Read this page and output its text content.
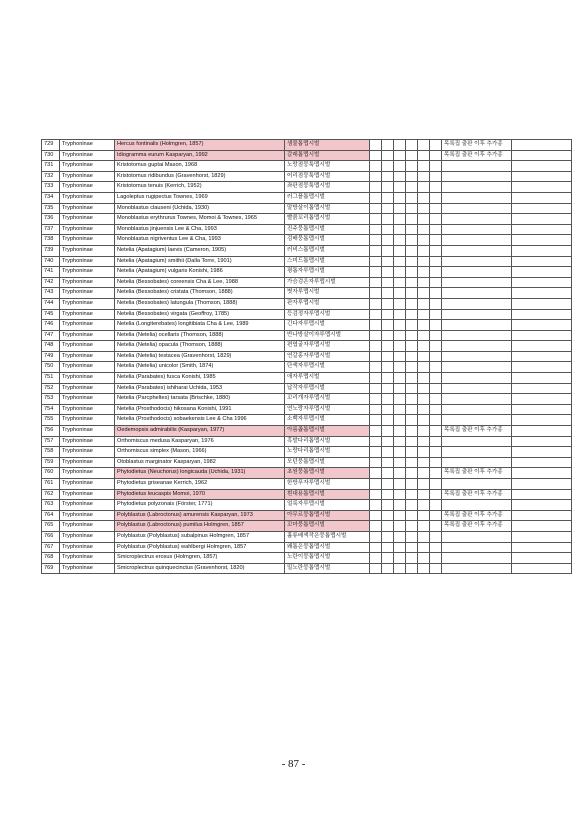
729	Tryphoninae	Hercus fontinalis (Holmgren, 1857)	샘물톱맵시벌							목록집 출판 이후 추가종	
730	Tryphoninae	Idiogramma eurum Kasparyan, 1992	갈래톱맵시벌							목록집 출판 이후 추가종	
731	Tryphoninae	Kristotomus guptai Mason, 1968	노랑점뭉툭맵시벌								
732	Tryphoninae	Kristotomus ridibundus (Gravenhorst, 1829)	어리점뭉툭맵시벌								
733	Tryphoninae	Kristotomus tenuis (Kerrich, 1952)	좌판점뭉툭맵시벌								
734	Tryphoninae	Lagoleptus rugipectus Townes, 1969	러그플톱맵시벌								
735	Tryphoninae	Monoblastus clauseni (Uchida, 1930)	말방살이톱맵시벌								
736	Tryphoninae	Monoblastus erythrurus Townes, Momoi & Townes, 1965	빨붉꼬리톱맵시벌								
737	Tryphoninae	Monoblastus jinjuensis Lee & Cha, 1993	진주뭉톱맵시벌								
738	Tryphoninae	Monoblastus nigriventus Lee & Cha, 1993	검배뭉톱맵시벌								
739	Tryphoninae	Netelia (Apatagium) laevis (Cameron, 1905)	러비스톱맵시벌								
740	Tryphoninae	Netelia (Apatagium) smithii (Dalla Torre, 1901)	스미드톱맵시벌								
741	Tryphoninae	Netelia (Apatagium) vulgaris Konishi, 1986	평톱자루맵시벌								
742	Tryphoninae	Netelia (Bessobates) coreensis Cha & Lee, 1988	가슴검은자루맵시벌								
743	Tryphoninae	Netelia (Bessobates) cristata (Thomson, 1888)	볏자루맵시벌								
744	Tryphoninae	Netelia (Bessobates) latungula (Thomson, 1888)	판자루맵시벌								
745	Tryphoninae	Netelia (Bessobates) virgata (Geoffroy, 1785)	등검정자루맵시벌								
746	Tryphoninae	Netelia (Longiterebates) longitibiata Cha & Lee, 1989	긴다자루맵시벌								
747	Tryphoninae	Netelia (Netelia) ocellaris (Thomson, 1888)	반나방살이자루맵시벌								
748	Tryphoninae	Netelia (Netelia) opacula (Thomson, 1888)	편엽굴자루맵시벌								
749	Tryphoninae	Netelia (Netelia) testacea (Gravenhorst, 1829)	연갈홍자루맵시벌								
750	Tryphoninae	Netelia (Netelia) unicolor (Smith, 1874)	단색자루맵시벌								
751	Tryphoninae	Netelia (Parabates) fusca Konishi, 1985	애자루맵시벌								
752	Tryphoninae	Netelia (Parabates) ishiharai Uchida, 1953	납작자루맵시벌								
753	Tryphoninae	Netelia (Parcpheltes) tarsata (Brischke, 1880)	꼬리개자루맵시벌								
754	Tryphoninae	Netelia (Prosthodocis) hikosana Konishi, 1991	연노랑자루맵시벌								
755	Tryphoninae	Netelia (Prosthodocis) sobaekensis Lee & Cha 1996	소백자루맵시벌								
756	Tryphoninae	Oedemopsis admirabilis (Kasparyan, 1977)	아름좁톱맵시벌							목록집 출판 이후 추가종	
757	Tryphoninae	Orthomiscus medusa Kasparyan, 1976	흑발다리톱맵시벌								
758	Tryphoninae	Orthomiscus simplex (Mason, 1966)	노랑다리톱맵시벌								
759	Tryphoninae	Otoblastus marginator Kasparyan, 1982	모턴뭉톱맵시벌								
760	Tryphoninae	Phytodietus (Neuchorus) longicauda (Uchida, 1931)	초원뭉톱맵시벌							목록집 출판 이후 추가종	
761	Tryphoninae	Phytodietus griseanae Kerrich, 1962	한방푸자루맵시벌								
762	Tryphoninae	Phytodietus leucaspis Momoi, 1970	흰대용톱맵시벌							목록집 출판 이후 추가종	
763	Tryphoninae	Phytodietus polyzonais (Förster, 1771)	얼룩자루맵시벌								
764	Tryphoninae	Polyblastus (Labroctonus) amurensis Kasparyan, 1973	아무르뭉톱맵시벌							목록집 출판 이후 추가종	
765	Tryphoninae	Polyblastus (Labroctonus) pumilus Holmgren, 1857	꼬마뭉톱맵시벌							목록집 출판 이후 추가종	
766	Tryphoninae	Polyblastus (Polyblastus) subalpinus Holmgren, 1857	흘류배색작은뭉톱맵시벌								
767	Tryphoninae	Polyblastus (Polyblastus) wahlbergi Holmgren, 1857	왜톱은뭉톱맵시벌								
768	Tryphoninae	Smicroplectrus erosus (Holmgren, 1857)	노란이뭉톱맵시벌								
769	Tryphoninae	Smicroplectrus quinquecinctus (Gravenhorst, 1820)	밀노란뭉톱맵시벌								
- 87 -
